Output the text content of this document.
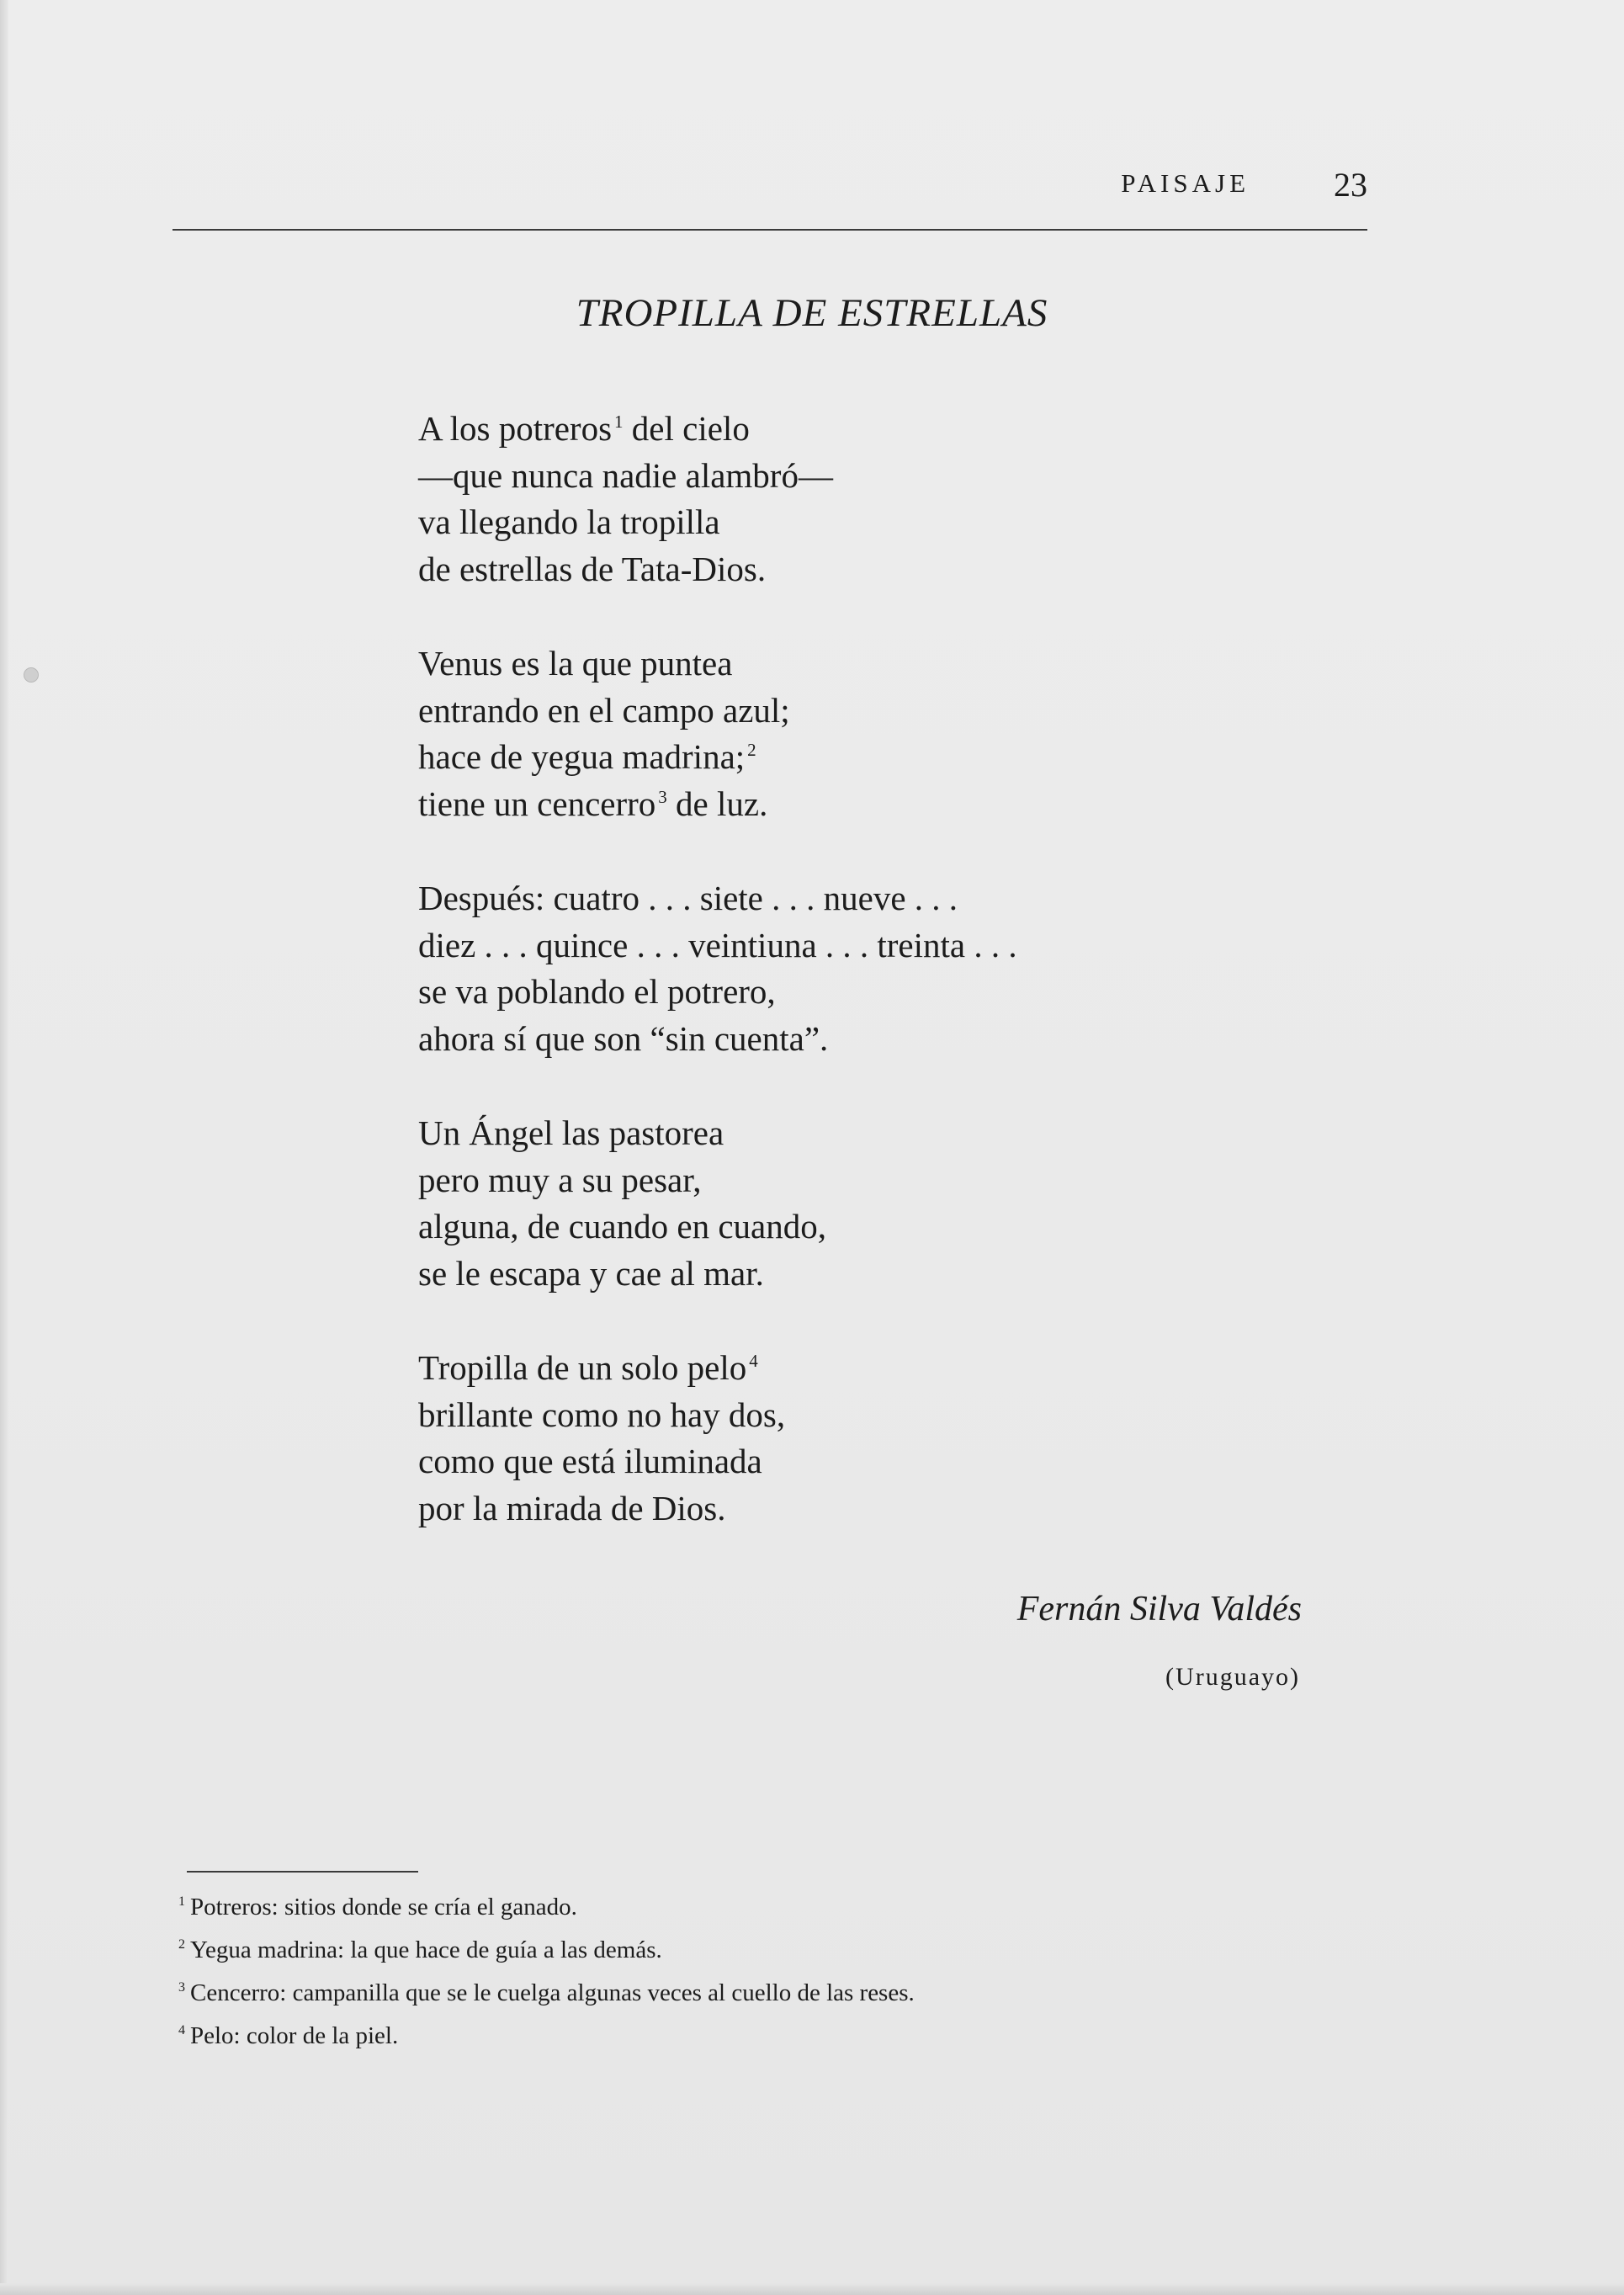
PAISAJE	23
TROPILLA DE ESTRELLAS
A los potreros $^1$ del cielo
—que nunca nadie alambró—
va llegando la tropilla
de estrellas de Tata-Dios.
Venus es la que puntea
entrando en el campo azul;
hace de yegua madrina; $^2$
tiene un cencerro $^3$ de luz.
Después: cuatro . . . siete . . . nueve . . .
diez . . . quince . . . veintiuna . . . treinta . . .
se va poblando el potrero,
ahora sí que son “sin cuenta”.
Un Ángel las pastorea
pero muy a su pesar,
alguna, de cuando en cuando,
se le escapa y cae al mar.
Tropilla de un solo pelo $^4$
brillante como no hay dos,
como que está iluminada
por la mirada de Dios.
Fernán Silva Valdés
(Uruguayo)
$^1$ Potreros: sitios donde se cría el ganado.
$^2$ Yegua madrina: la que hace de guía a las demás.
$^3$ Cencerro: campanilla que se le cuelga algunas veces al cuello de las reses.
$^4$ Pelo: color de la piel.
